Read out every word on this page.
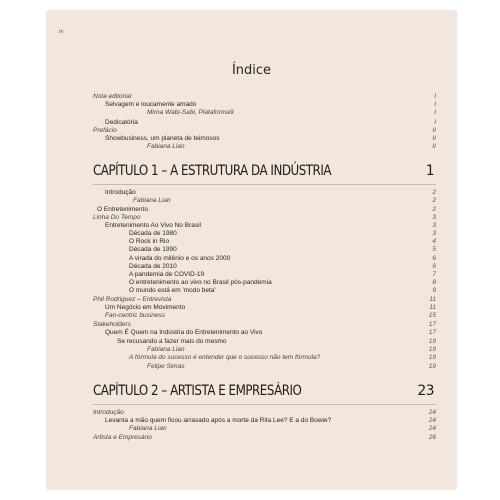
iv
Índice
Nota editorial	I
Selvagem e loucamente amado	I
Mirna Wabi-Sabi, Plataforma9	I
Dedicatória	I
Prefácio	II
Showbusiness, um planeta de teimosos	II
Fabiana Lian	II
CAPÍTULO 1 – A ESTRUTURA DA INDÚSTRIA	1
Introdução	2
Fabiana Lian	2
O Entretenimento	2
Linha Do Tempo	3
Entretenimento Ao Vivo No Brasil	3
Década de 1980	3
O Rock in Rio	4
Década de 1990	5
A virada do milênio e os anos 2000	6
Década de 2010	6
A pandemia de COVID-19	7
O entretenimento ao vivo no Brasil pós-pandemia	8
O mundo está em 'modo beta'	9
Phil Rodriguez – Entrevista	11
Um Negócio em Movimento	11
Fan-centric business	15
Stakeholders	17
Quem É Quem na Indústria do Entretenimento ao Vivo	17
Se recusando a fazer mais do mesmo	19
Fabiana Lian	19
A fórmula do sucesso é entender que o sucesso não tem fórmula?	19
Felipe Simas	19
CAPÍTULO 2 – ARTISTA E EMPRESÁRIO	23
Introdução	24
Levanta a mão quem ficou arrasado após a morte da Rita Lee? E a do Bowie?	24
Fabiana Lian	24
Artista e Empresário	26
